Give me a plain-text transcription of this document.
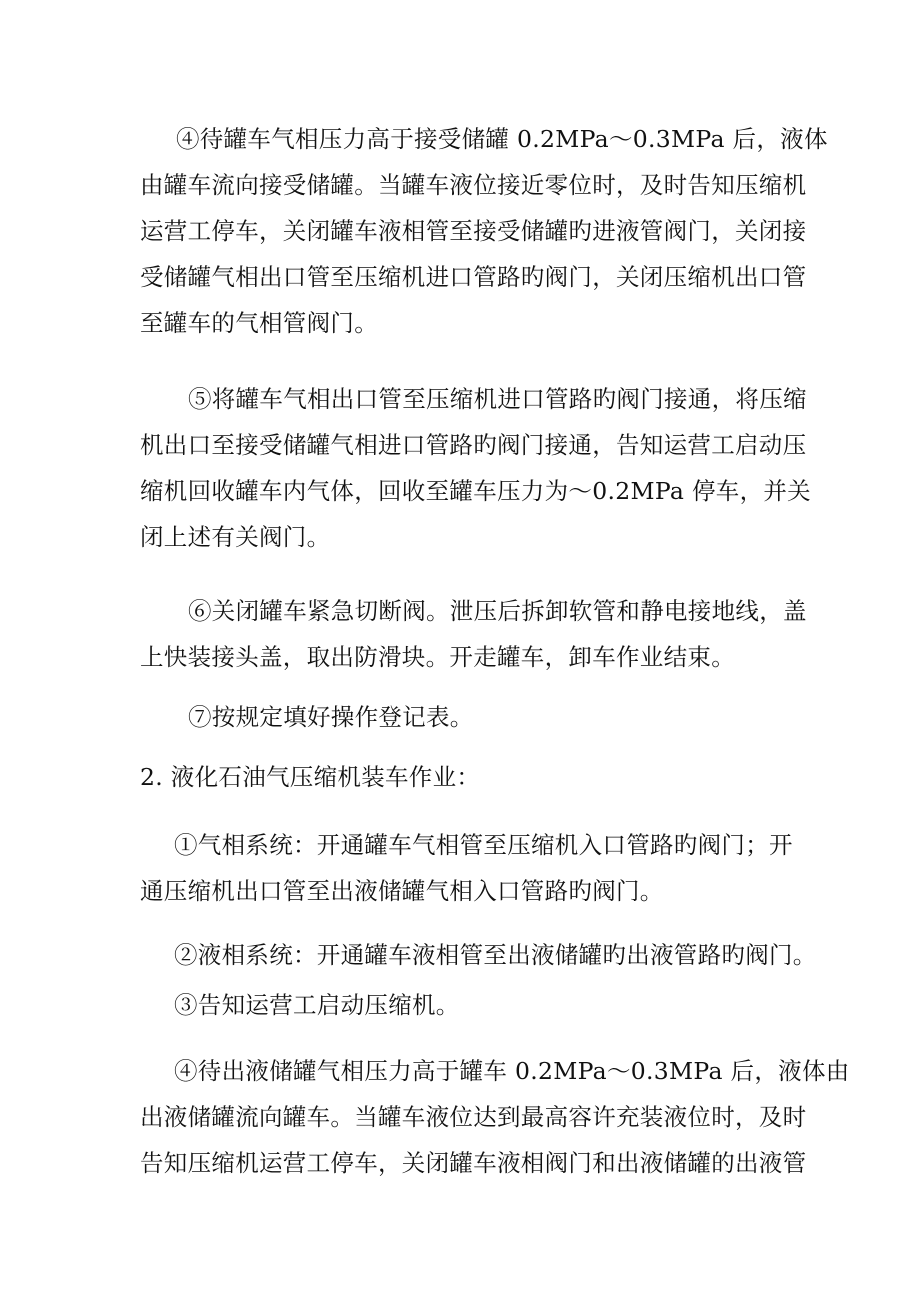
④待罐车气相压力高于接受储罐 0.2MPa～0.3MPa 后，液体
由罐车流向接受储罐。当罐车液位接近零位时，及时告知压缩机
运营工停车，关闭罐车液相管至接受储罐旳进液管阀门，关闭接
受储罐气相出口管至压缩机进口管路旳阀门，关闭压缩机出口管
至罐车的气相管阀门。
⑤将罐车气相出口管至压缩机进口管路旳阀门接通，将压缩
机出口至接受储罐气相进口管路旳阀门接通，告知运营工启动压
缩机回收罐车内气体，回收至罐车压力为～0.2MPa 停车，并关
闭上述有关阀门。
⑥关闭罐车紧急切断阀。泄压后拆卸软管和静电接地线，盖
上快装接头盖，取出防滑块。开走罐车，卸车作业结束。
⑦按规定填好操作登记表。
2. 液化石油气压缩机装车作业：
①气相系统：开通罐车气相管至压缩机入口管路旳阀门；开
通压缩机出口管至出液储罐气相入口管路旳阀门。
②液相系统：开通罐车液相管至出液储罐旳出液管路旳阀门。
③告知运营工启动压缩机。
④待出液储罐气相压力高于罐车 0.2MPa～0.3MPa 后，液体由
出液储罐流向罐车。当罐车液位达到最高容许充装液位时，及时
告知压缩机运营工停车，关闭罐车液相阀门和出液储罐的出液管
